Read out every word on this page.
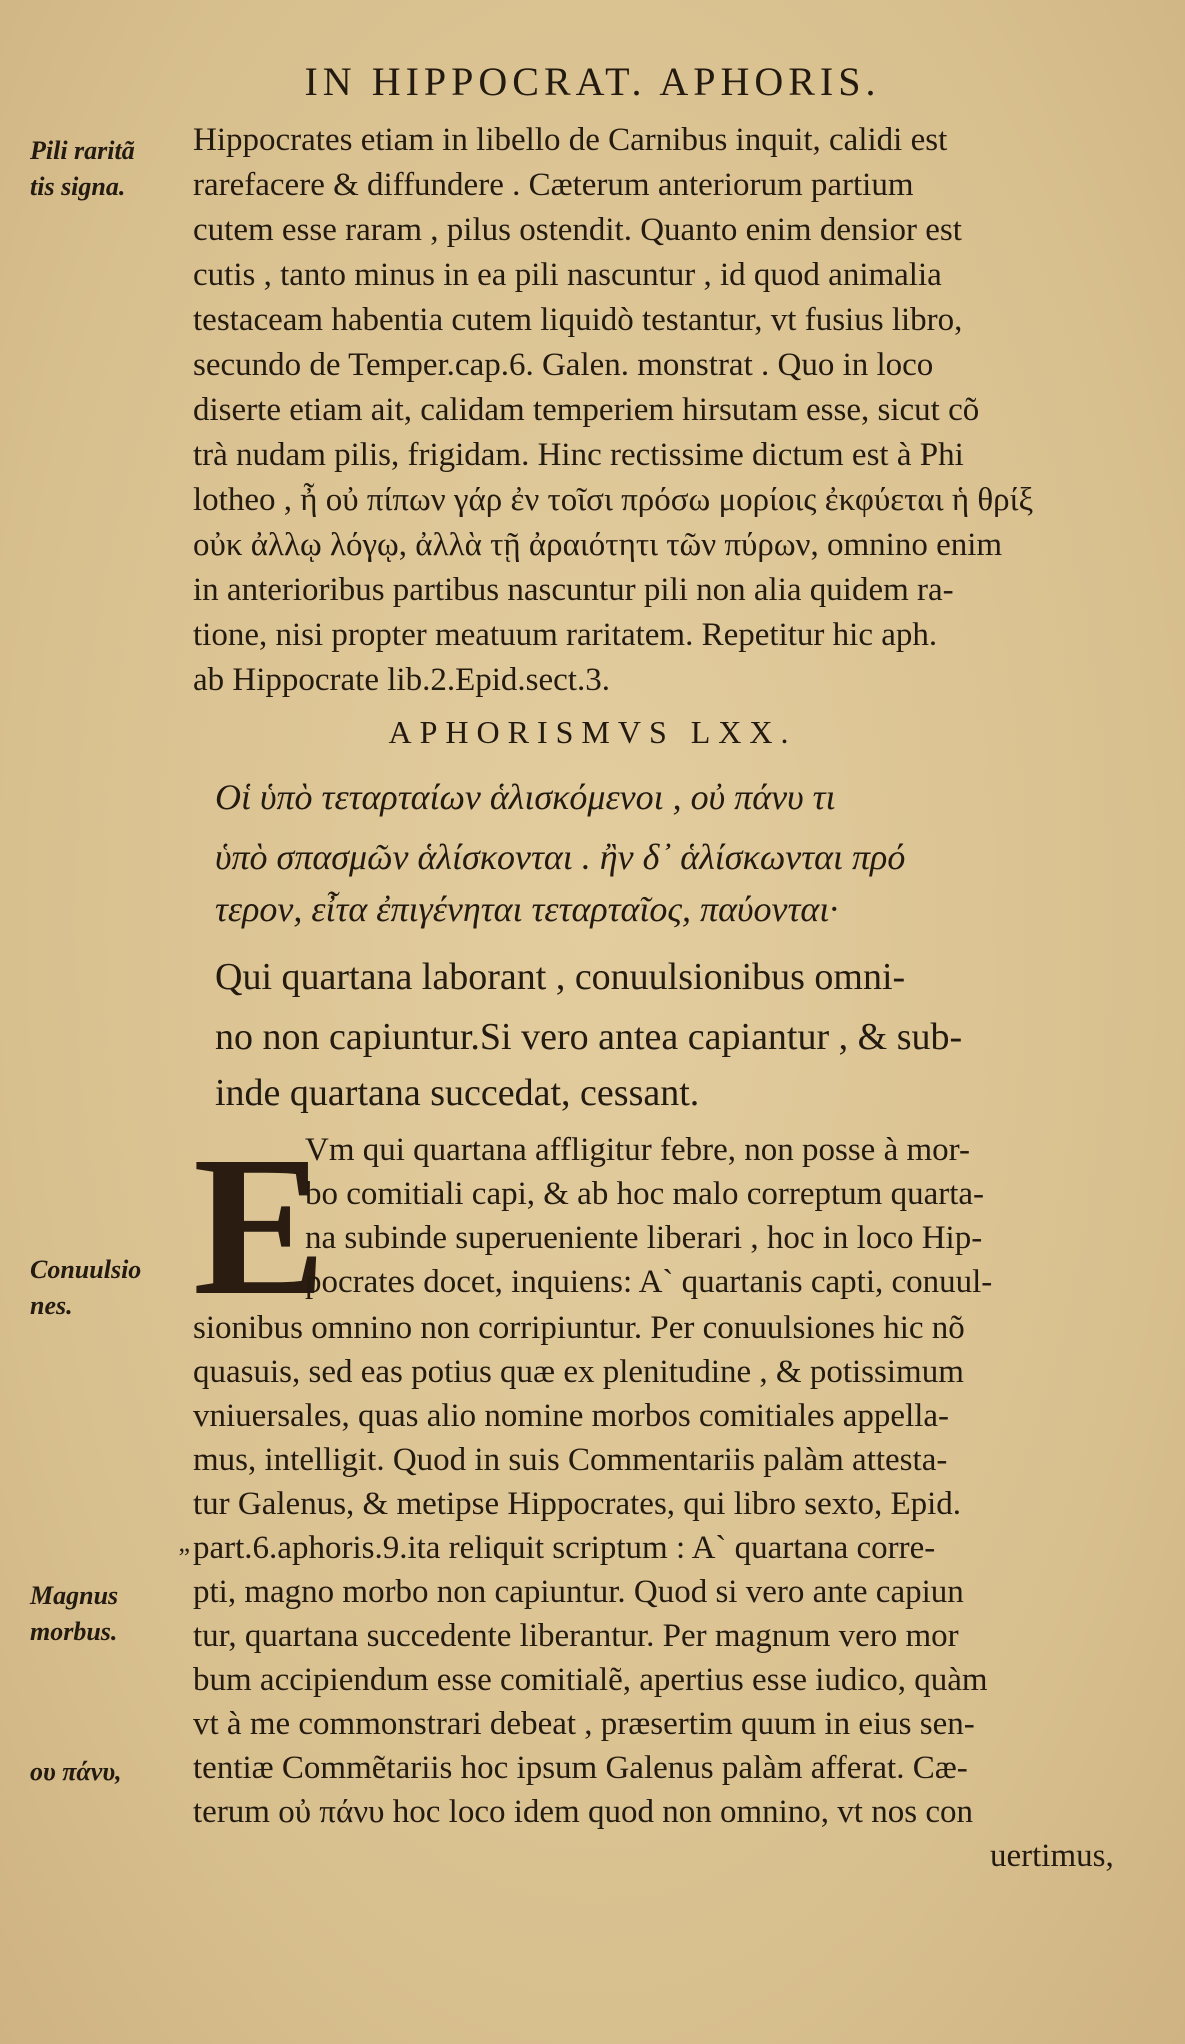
IN HIPPOCRAT. APHORIS.
Pili raritã
tis signa.
Conuulsio
nes.
Magnus
morbus.
ου πάνυ,
„
Hippocrates etiam in libello de Carnibus inquit, calidi est
rarefacere & diffundere . Cæterum anteriorum partium
cutem esse raram , pilus ostendit. Quanto enim densior est
cutis , tanto minus in ea pili nascuntur , id quod animalia
testaceam habentia cutem liquidò testantur, vt fusius libro,
secundo de Temper.cap.6. Galen. monstrat . Quo in loco
diserte etiam ait, calidam temperiem hirsutam esse, sicut cõ
trà nudam pilis, frigidam. Hinc rectissime dictum est à Phi
lotheo , ἦ οὐ πίπων γάρ ἐν τοῖσι πρόσω μορίοις ἐκφύεται ἡ θρίξ
οὐκ ἀλλῳ λόγῳ, ἀλλὰ τῇ ἀραιότητι τῶν πύρων, omnino enim
in anterioribus partibus nascuntur pili non alia quidem ra-
tione, nisi propter meatuum raritatem. Repetitur hic aph.
ab Hippocrate lib.2.Epid.sect.3.
APHORISMVS LXX.
Οἱ ὑπὸ τεταρταίων ἁλισκόμενοι , οὐ πάνυ τι
ὑπὸ σπασμῶν ἁλίσκονται . ἢν δ᾽ ἁλίσκωνται πρό
τερον, εἶτα ἐπιγένηται τεταρταῖος, παύονται·
Qui quartana laborant , conuulsionibus omni-
no non capiuntur.Si vero antea capiantur , & sub-
inde quartana succedat, cessant.
E
Vm qui quartana affligitur febre, non posse à mor-
bo comitiali capi, & ab hoc malo correptum quarta-
na subinde superueniente liberari , hoc in loco Hip-
pocrates docet, inquiens: A` quartanis capti, conuul-
sionibus omnino non corripiuntur. Per conuulsiones hic nõ
quasuis, sed eas potius quæ ex plenitudine , & potissimum
vniuersales, quas alio nomine morbos comitiales appella-
mus, intelligit. Quod in suis Commentariis palàm attesta-
tur Galenus, & metipse Hippocrates, qui libro sexto, Epid.
part.6.aphoris.9.ita reliquit scriptum : A` quartana corre-
pti, magno morbo non capiuntur. Quod si vero ante capiun
tur, quartana succedente liberantur. Per magnum vero mor
bum accipiendum esse comitialẽ, apertius esse iudico, quàm
vt à me commonstrari debeat , præsertim quum in eius sen-
tentiæ Commẽtariis hoc ipsum Galenus palàm afferat. Cæ-
terum οὐ πάνυ hoc loco idem quod non omnino, vt nos con
uertimus,
